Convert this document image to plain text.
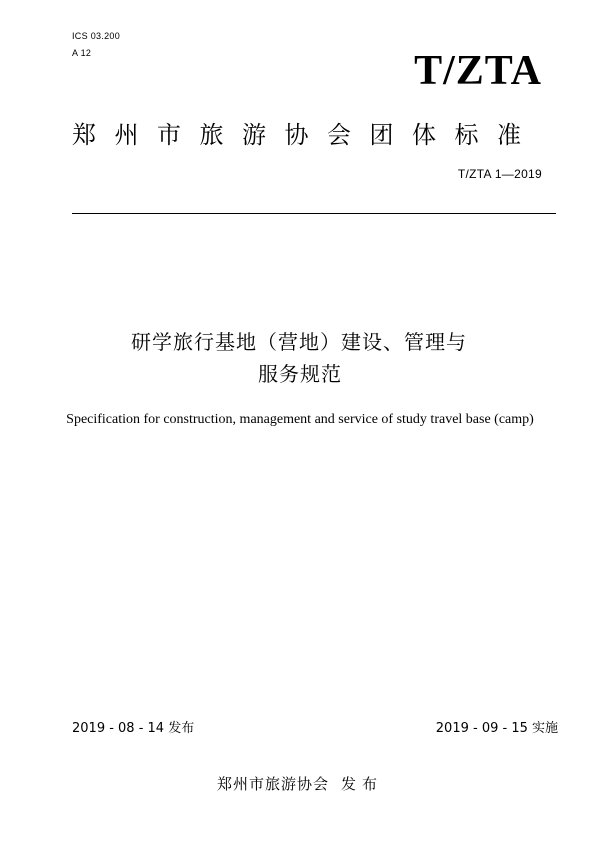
ICS 03.200
A 12	T/ZTA
郑州市旅游协会团体标准
T/ZTA 1—2019
研学旅行基地（营地）建设、管理与
服务规范
Specification for construction, management and service of study travel base (camp)
2019 - 08 - 14 发布	2019 - 09 - 15 实施
郑州市旅游协会 发布
